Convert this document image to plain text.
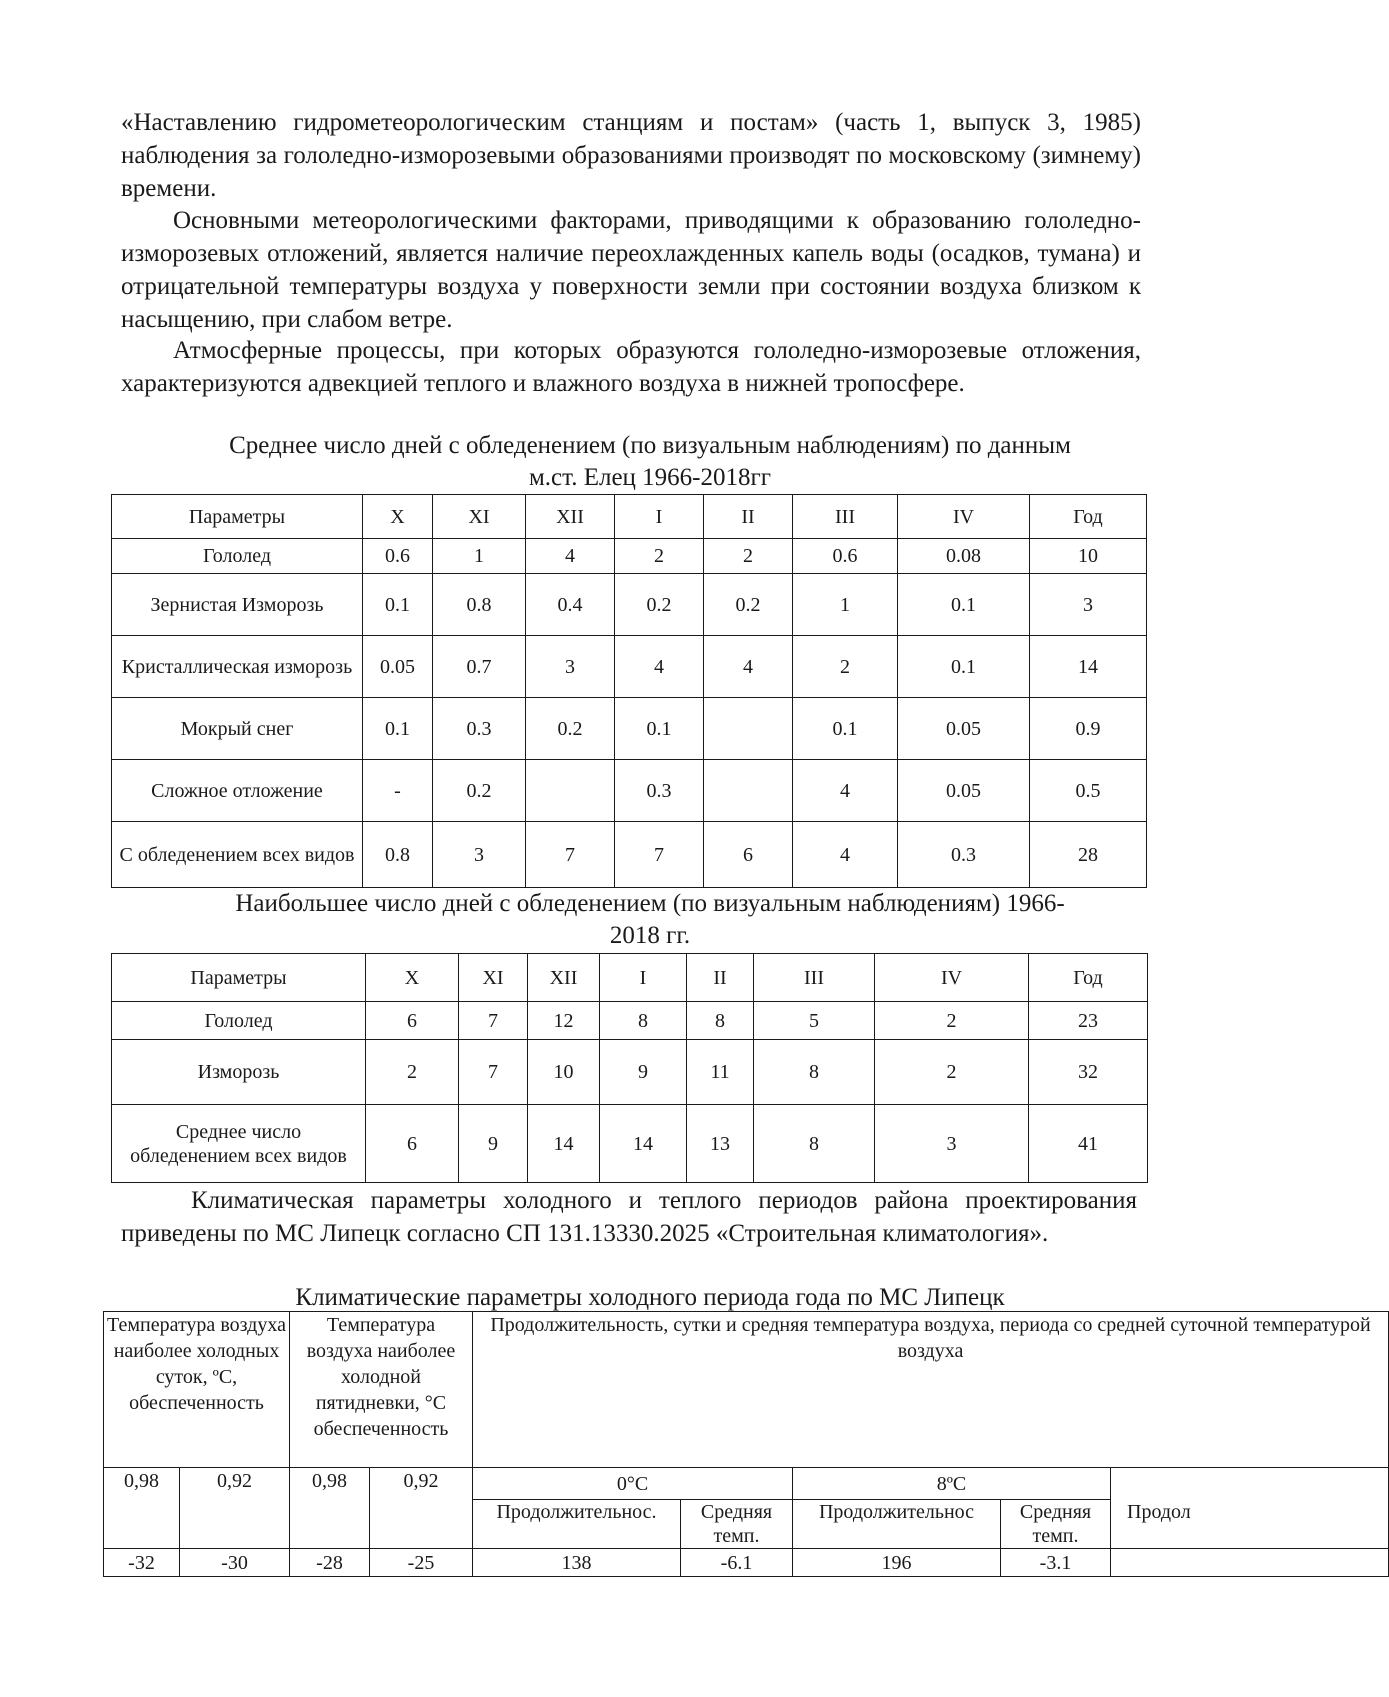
«Наставлению гидрометеорологическим станциям и постам» (часть 1, выпуск 3, 1985) наблюдения за гололедно-изморозевыми образованиями производят по московскому (зимнему) времени.

Основными метеорологическими факторами, приводящими к образованию гололедно-изморозевых отложений, является наличие переохлажденных капель воды (осадков, тумана) и отрицательной температуры воздуха у поверхности земли при состоянии воздуха близком к насыщению, при слабом ветре.

Атмосферные процессы, при которых образуются гололедно-изморозевые отложения, характеризуются адвекцией теплого и влажного воздуха в нижней тропосфере.

Среднее число дней с обледенением (по визуальным наблюдениям) по данным
м.ст. Елец 1966-2018гг
Параметры	X	XI	XII	I	II	III	IV	Год
Гололед	0.6	1	4	2	2	0.6	0.08	10
Зернистая Изморозь	0.1	0.8	0.4	0.2	0.2	1	0.1	3
Кристаллическая изморозь	0.05	0.7	3	4	4	2	0.1	14
Мокрый снег	0.1	0.3	0.2	0.1		0.1	0.05	0.9
Сложное отложение	-	0.2		0.3		4	0.05	0.5
С обледенением всех видов	0.8	3	7	7	6	4	0.3	28
Наибольшее число дней с обледенением (по визуальным наблюдениям) 1966-
2018 гг.
Параметры	X	XI	XII	I	II	III	IV	Год
Гололед	6	7	12	8	8	5	2	23
Изморозь	2	7	10	9	11	8	2	32
Среднее число обледенением всех видов	6	9	14	14	13	8	3	41

Климатическая параметры холодного и теплого периодов района проектирования приведены по МС Липецк согласно СП 131.13330.2025 «Строительная климатология».

Климатические параметры холодного периода года по МС Липецк
Температура воздуха наиболее холодных суток, ºС, обеспеченность		Температура воздуха наиболее холодной пятидневки, °С обеспеченность		Продолжительность, сутки и средняя температура воздуха, периода со средней суточной температурой воздуха				
0,98	0,92	0,98	0,92	0°С		8ºС		
				Продолжительнос.	Средняя темп.	Продолжительнос	Средняя темп.	Продол
-32	-30	-28	-25	138	-6.1	196	-3.1	
